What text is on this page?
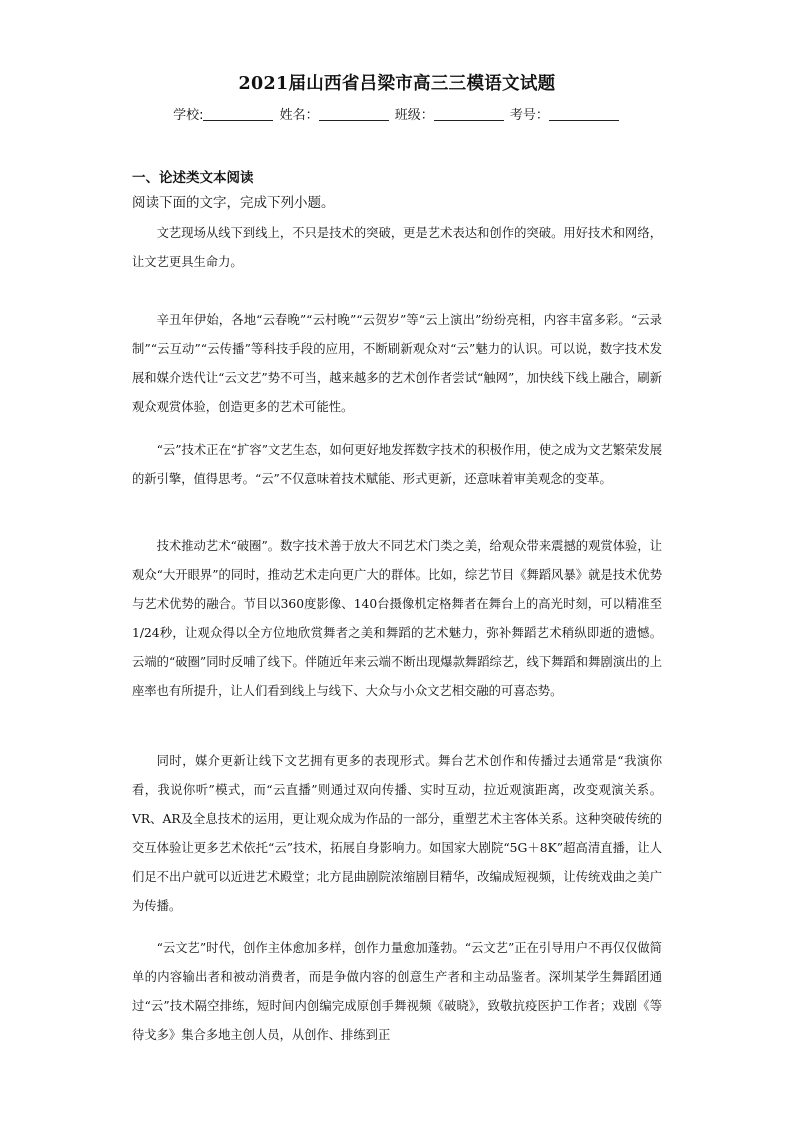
2021届山西省吕梁市高三三模语文试题
学校:	姓名：	班级：	考号：
一、论述类文本阅读
阅读下面的文字，完成下列小题。

文艺现场从线下到线上，不只是技术的突破，更是艺术表达和创作的突破。用好技术和网络，让文艺更具生命力。

辛丑年伊始，各地“云春晚”“云村晚”“云贺岁”等“云上演出”纷纷亮相，内容丰富多彩。“云录制”“云互动”“云传播”等科技手段的应用，不断刷新观众对“云”魅力的认识。可以说，数字技术发展和媒介迭代让“云文艺”势不可当，越来越多的艺术创作者尝试“触网”，加快线下线上融合，刷新观众观赏体验，创造更多的艺术可能性。

“云”技术正在“扩容”文艺生态，如何更好地发挥数字技术的积极作用，使之成为文艺繁荣发展的新引擎，值得思考。“云”不仅意味着技术赋能、形式更新，还意味着审美观念的变革。

技术推动艺术“破圈”。数字技术善于放大不同艺术门类之美，给观众带来震撼的观赏体验，让观众“大开眼界”的同时，推动艺术走向更广大的群体。比如，综艺节目《舞蹈风暴》就是技术优势与艺术优势的融合。节目以360度影像、140台摄像机定格舞者在舞台上的高光时刻，可以精准至1/24秒，让观众得以全方位地欣赏舞者之美和舞蹈的艺术魅力，弥补舞蹈艺术稍纵即逝的遗憾。云端的“破圈”同时反哺了线下。伴随近年来云端不断出现爆款舞蹈综艺，线下舞蹈和舞剧演出的上座率也有所提升，让人们看到线上与线下、大众与小众文艺相交融的可喜态势。

同时，媒介更新让线下文艺拥有更多的表现形式。舞台艺术创作和传播过去通常是“我演你看，我说你听”模式，而“云直播”则通过双向传播、实时互动，拉近观演距离，改变观演关系。VR、AR及全息技术的运用，更让观众成为作品的一部分，重塑艺术主客体关系。这种突破传统的交互体验让更多艺术依托“云”技术，拓展自身影响力。如国家大剧院“5G＋8K”超高清直播，让人们足不出户就可以近进艺术殿堂；北方昆曲剧院浓缩剧目精华，改编成短视频，让传统戏曲之美广为传播。

“云文艺”时代，创作主体愈加多样，创作力量愈加蓬勃。“云文艺”正在引导用户不再仅仅做简单的内容输出者和被动消费者，而是争做内容的创意生产者和主动品鉴者。深圳某学生舞蹈团通过“云”技术隔空排练，短时间内创编完成原创手舞视频《破晓》，致敬抗疫医护工作者；戏剧《等待戈多》集合多地主创人员，从创作、排练到正
